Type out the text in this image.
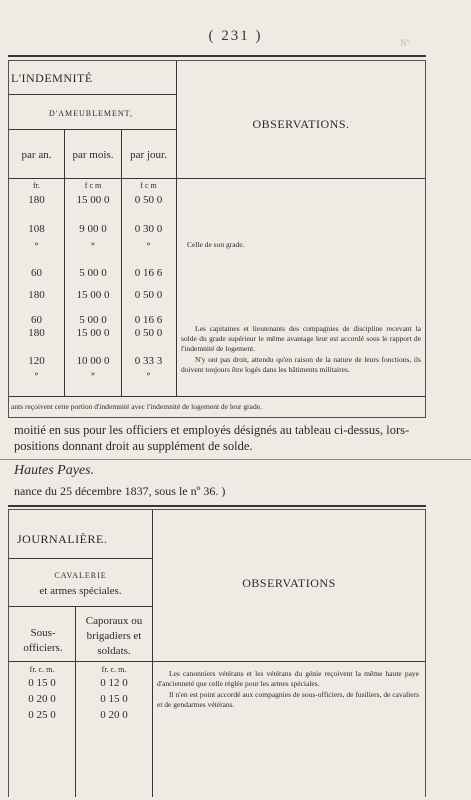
N°
( 231 )
L'INDEMNITÉ
D'AMEUBLEMENT,
par an.	par mois.	par jour.
OBSERVATIONS.
fr.	f c m	f c m
180	15 00 0	0 50 0
108	9 00 0	0 30 0
»	»	»
60	5 00 0	0 16 6
180	15 00 0	0 50 0
60	5 00 0	0 16 6
180	15 00 0	0 50 0
120	10 00 0	0 33 3
»	»	»
Celle de son grade.
Les capitaines et lieutenants des compagnies de discipline recevant la solde du grade supérieur le même avantage leur est accordé sous le rapport de l'indemnité de logement.
N'y ont pas droit, attendu qu'en raison de la nature de leurs fonctions, ils doivent toujours être logés dans les bâtiments militaires.
ants reçoivent cette portion d'indemnité avec l'indemnité de logement de leur grade.
moitié en sus pour les officiers et employés désignés au tableau ci-dessus, lors-
positions donnant droit au supplément de solde.
Hautes Payes.
nance du 25 décembre 1837, sous le nº 36. )
JOURNALIÈRE.
CAVALERIE
et armes spéciales.
Sous-officiers.
Caporaux ou brigadiers et soldats.
OBSERVATIONS
fr. c. m.	fr. c. m.
0 15 0	0 12 0
0 20 0	0 15 0
0 25 0	0 20 0
Les canonniers vétérans et les vétérans du génie reçoivent la même haute paye d'ancienneté que celle réglée pour les armes spéciales.
Il n'en est point accordé aux compagnies de sous-officiers, de fusiliers, de cavaliers et de gendarmes vétérans.
